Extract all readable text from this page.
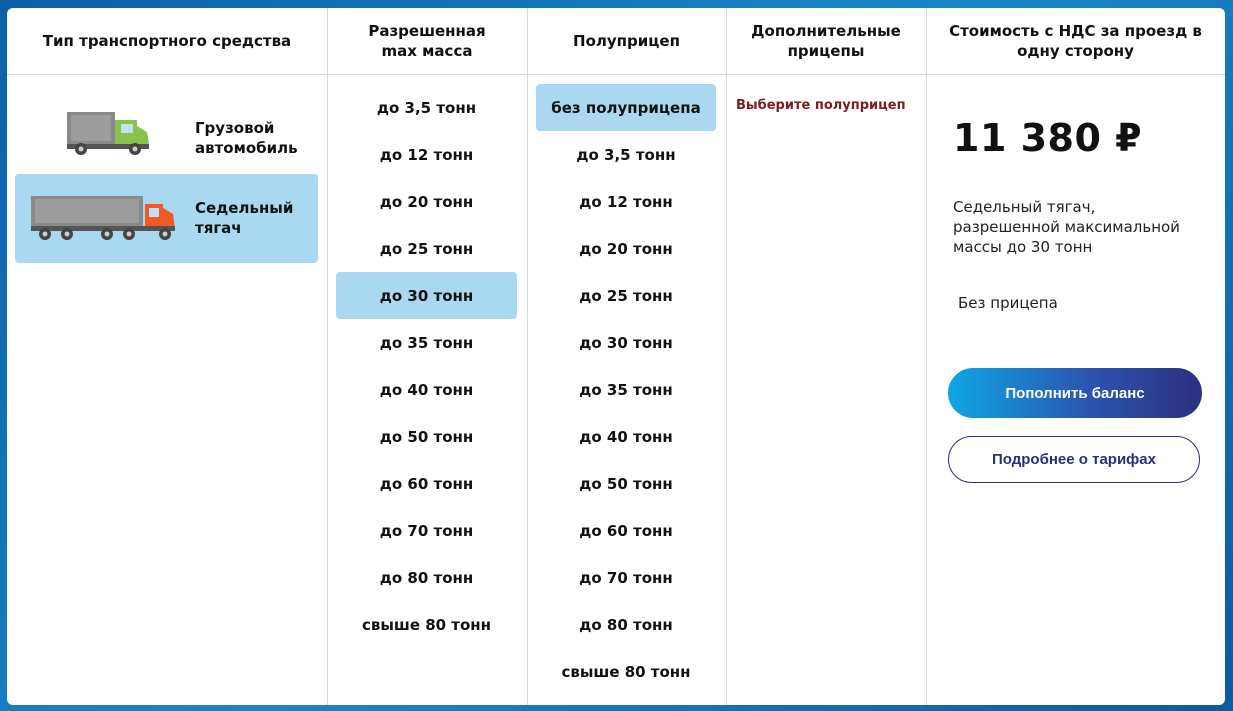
Тип транспортного средства
Грузовой
автомобиль
Седельный
тягач
Разрешенная
max масса
до 3,5 тонн
до 12 тонн
до 20 тонн
до 25 тонн
до 30 тонн
до 35 тонн
до 40 тонн
до 50 тонн
до 60 тонн
до 70 тонн
до 80 тонн
свыше 80 тонн
Полуприцеп
без полуприцепа
до 3,5 тонн
до 12 тонн
до 20 тонн
до 25 тонн
до 30 тонн
до 35 тонн
до 40 тонн
до 50 тонн
до 60 тонн
до 70 тонн
до 80 тонн
свыше 80 тонн
Дополнительные
прицепы
Выберите полуприцеп
Стоимость с НДС за проезд в одну сторону
11 380 ₽
Седельный тягач, разрешенной максимальной массы до 30 тонн
Без прицепа
Пополнить баланс
Подробнее о тарифах
